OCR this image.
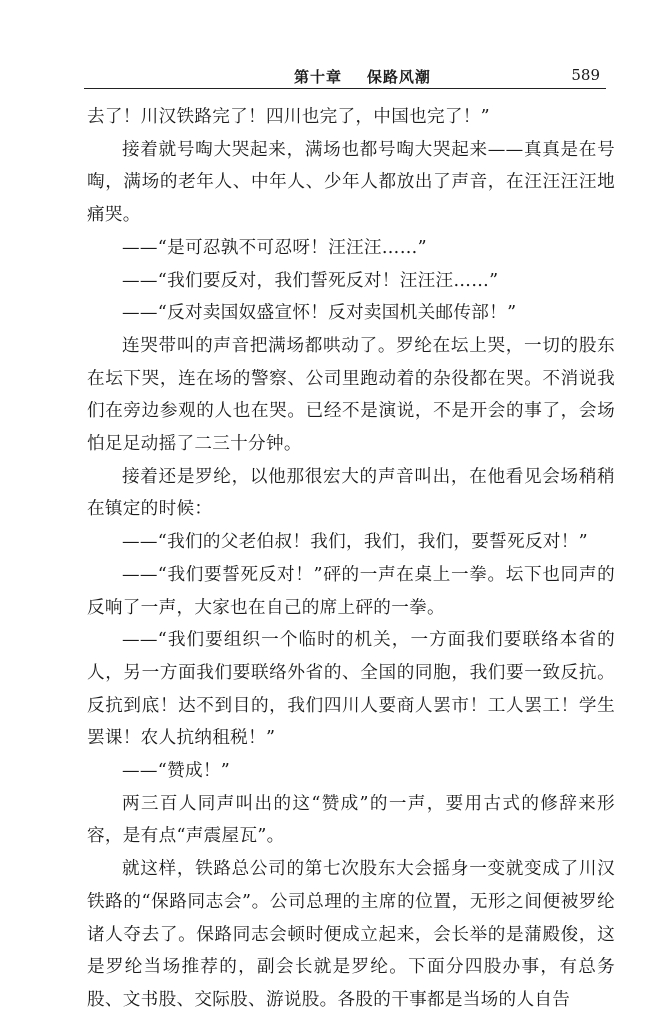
第十章    保路风潮	589

去了！川汉铁路完了！四川也完了，中国也完了！”

接着就号啕大哭起来，满场也都号啕大哭起来——真真是在号啕，满场的老年人、中年人、少年人都放出了声音，在汪汪汪汪地痛哭。

——“是可忍孰不可忍呀！汪汪汪……”

——“我们要反对，我们誓死反对！汪汪汪……”

——“反对卖国奴盛宣怀！反对卖国机关邮传部！”

连哭带叫的声音把满场都哄动了。罗纶在坛上哭，一切的股东在坛下哭，连在场的警察、公司里跑动着的杂役都在哭。不消说我们在旁边参观的人也在哭。已经不是演说，不是开会的事了，会场怕足足动摇了二三十分钟。

接着还是罗纶，以他那很宏大的声音叫出，在他看见会场稍稍在镇定的时候：

——“我们的父老伯叔！我们，我们，我们，要誓死反对！”

——“我们要誓死反对！”砰的一声在桌上一拳。坛下也同声的反响了一声，大家也在自己的席上砰的一拳。

——“我们要组织一个临时的机关，一方面我们要联络本省的人，另一方面我们要联络外省的、全国的同胞，我们要一致反抗。反抗到底！达不到目的，我们四川人要商人罢市！工人罢工！学生罢课！农人抗纳租税！”

——“赞成！”

两三百人同声叫出的这“赞成”的一声，要用古式的修辞来形容，是有点“声震屋瓦”。

就这样，铁路总公司的第七次股东大会摇身一变就变成了川汉铁路的“保路同志会”。公司总理的主席的位置，无形之间便被罗纶诸人夺去了。保路同志会顿时便成立起来，会长举的是蒲殿俊，这是罗纶当场推荐的，副会长就是罗纶。下面分四股办事，有总务股、文书股、交际股、游说股。各股的干事都是当场的人自告
